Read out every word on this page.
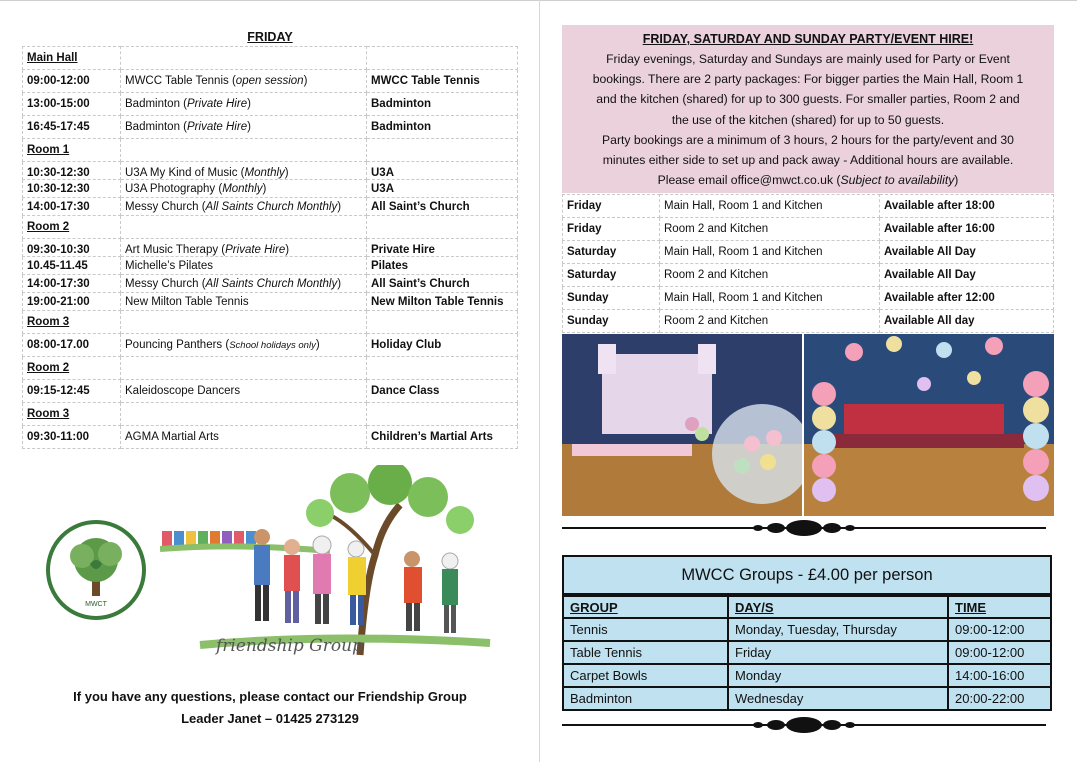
FRIDAY
Main Hall		
09:00-12:00	MWCC Table Tennis (open session)	MWCC Table Tennis
13:00-15:00	Badminton (Private Hire)	Badminton
16:45-17:45	Badminton (Private Hire)	Badminton
Room 1		
10:30-12:30	U3A My Kind of Music (Monthly)	U3A
10:30-12:30	U3A Photography (Monthly)	U3A
14:00-17:30	Messy Church (All Saints Church Monthly)	All Saint’s Church
Room 2		
09:30-10:30	Art Music Therapy (Private Hire)	Private Hire
10.45-11.45	Michelle’s Pilates	Pilates
14:00-17:30	Messy Church (All Saints Church Monthly)	All Saint’s Church
19:00-21:00	New Milton Table Tennis	New Milton Table Tennis
Room 3		
08:00-17.00	Pouncing Panthers (School holidays only)	Holiday Club
Room 2		
09:15-12:45	Kaleidoscope Dancers	Dance Class
Room 3		
09:30-11:00	AGMA Martial Arts	Children’s Martial Arts
MWCT
friendship Group
If you have any questions, please contact our Friendship Group
Leader Janet – 01425 273129
FRIDAY, SATURDAY AND SUNDAY PARTY/EVENT HIRE!
Friday evenings, Saturday and Sundays are mainly used for Party or Event
bookings. There are 2 party packages: For bigger parties the Main Hall, Room 1
and the kitchen (shared) for up to 300 guests. For smaller parties, Room 2 and
the use of the kitchen (shared) for up to 50 guests.
Party bookings are a minimum of 3 hours, 2 hours for the party/event and 30
minutes either side to set up and pack away - Additional hours are available.
Please email office@mwct.co.uk (Subject to availability)
Friday	Main Hall, Room 1 and Kitchen	Available after 18:00
Friday	Room 2 and Kitchen	Available after 16:00
Saturday	Main Hall, Room 1 and Kitchen	Available All Day
Saturday	Room 2 and Kitchen	Available All Day
Sunday	Main Hall, Room 1 and Kitchen	Available after 12:00
Sunday	Room 2 and Kitchen	Available All day
MWCC Groups - £4.00 per person
GROUP	DAY/S	TIME
Tennis	Monday, Tuesday, Thursday	09:00-12:00
Table Tennis	Friday	09:00-12:00
Carpet Bowls	Monday	14:00-16:00
Badminton	Wednesday	20:00-22:00
